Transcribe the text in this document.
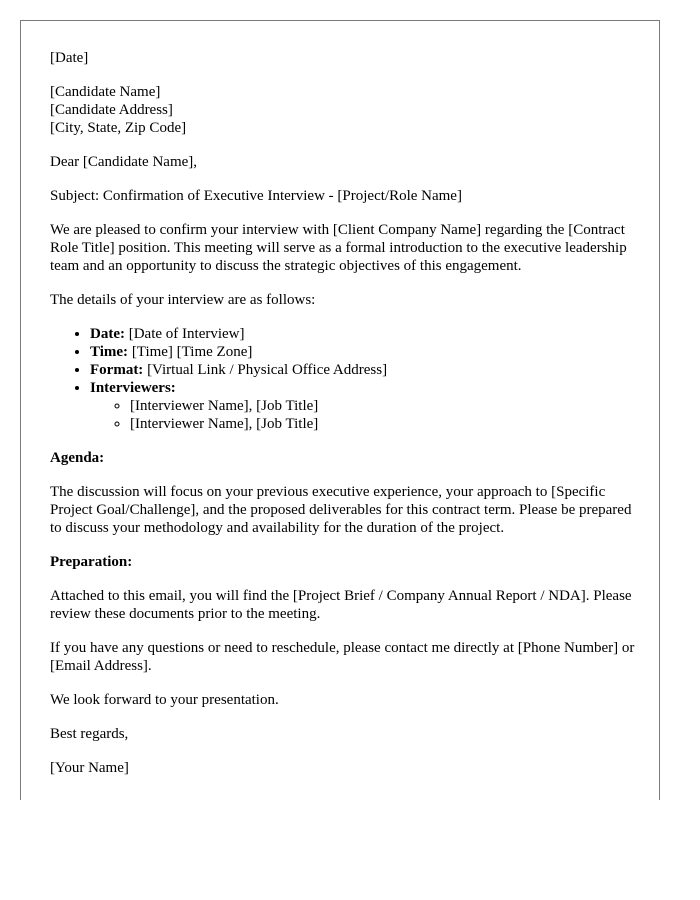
[Date]

[Candidate Name]
[Candidate Address]
[City, State, Zip Code]

Dear [Candidate Name],

Subject: Confirmation of Executive Interview - [Project/Role Name]

We are pleased to confirm your interview with [Client Company Name] regarding the [Contract Role Title] position. This meeting will serve as a formal introduction to the executive leadership team and an opportunity to discuss the strategic objectives of this engagement.

The details of your interview are as follows:

• Date: [Date of Interview]
• Time: [Time] [Time Zone]
• Format: [Virtual Link / Physical Office Address]
• Interviewers:
◦ [Interviewer Name], [Job Title]
◦ [Interviewer Name], [Job Title]

Agenda:

The discussion will focus on your previous executive experience, your approach to [Specific Project Goal/Challenge], and the proposed deliverables for this contract term. Please be prepared to discuss your methodology and availability for the duration of the project.

Preparation:

Attached to this email, you will find the [Project Brief / Company Annual Report / NDA]. Please review these documents prior to the meeting.

If you have any questions or need to reschedule, please contact me directly at [Phone Number] or [Email Address].

We look forward to your presentation.

Best regards,

[Your Name]
